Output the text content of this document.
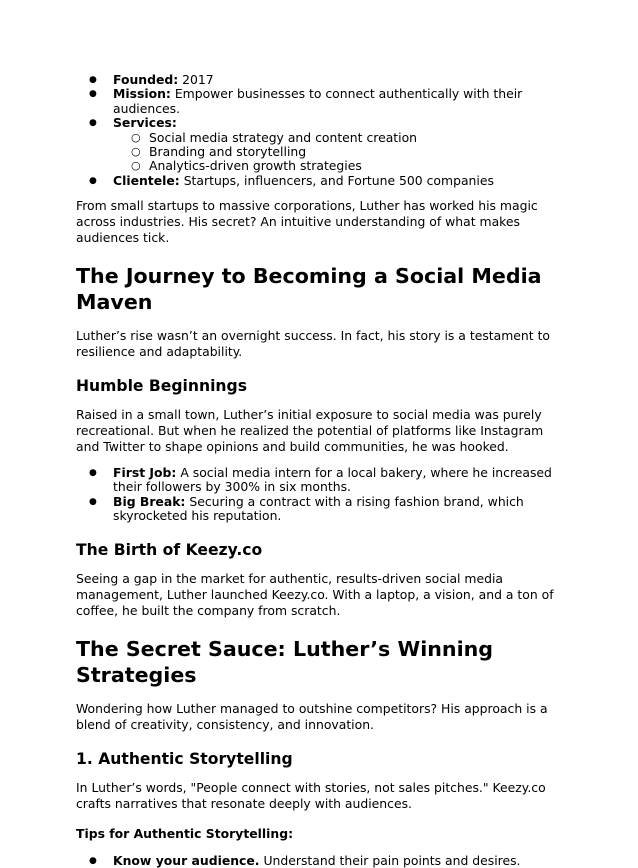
● Founded: 2017
● Mission: Empower businesses to connect authentically with their audiences.
● Services:
○ Social media strategy and content creation
○ Branding and storytelling
○ Analytics-driven growth strategies
● Clientele: Startups, influencers, and Fortune 500 companies

From small startups to massive corporations, Luther has worked his magic across industries. His secret? An intuitive understanding of what makes audiences tick.

The Journey to Becoming a Social Media Maven

Luther’s rise wasn’t an overnight success. In fact, his story is a testament to resilience and adaptability.

Humble Beginnings

Raised in a small town, Luther’s initial exposure to social media was purely recreational. But when he realized the potential of platforms like Instagram and Twitter to shape opinions and build communities, he was hooked.

● First Job: A social media intern for a local bakery, where he increased their followers by 300% in six months.
● Big Break: Securing a contract with a rising fashion brand, which skyrocketed his reputation.
The Birth of Keezy.co

Seeing a gap in the market for authentic, results-driven social media management, Luther launched Keezy.co. With a laptop, a vision, and a ton of coffee, he built the company from scratch.

The Secret Sauce: Luther’s Winning Strategies

Wondering how Luther managed to outshine competitors? His approach is a blend of creativity, consistency, and innovation.

1. Authentic Storytelling

In Luther’s words, "People connect with stories, not sales pitches." Keezy.co crafts narratives that resonate deeply with audiences.

Tips for Authentic Storytelling:
● Know your audience. Understand their pain points and desires.
